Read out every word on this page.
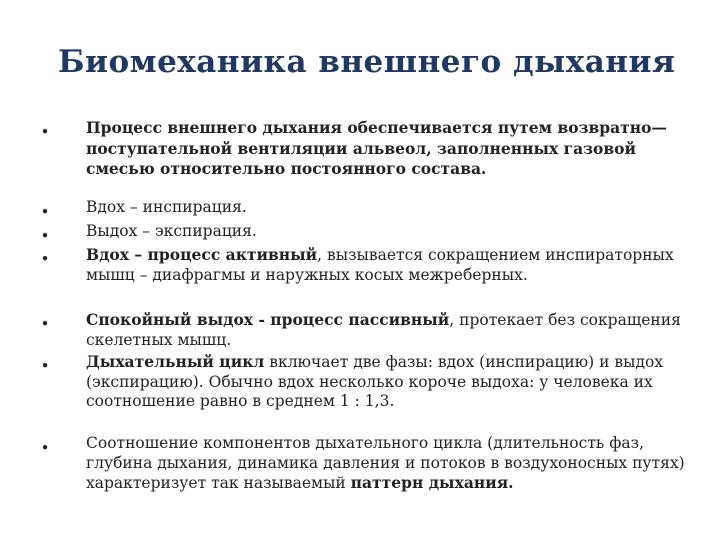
Биомеханика внешнего дыхания
• Процесс внешнего дыхания обеспечивается путем возвратно—поступательной вентиляции альвеол, заполненных газовой смесью относительно постоянного состава.
• Вдох – инспирация.
• Выдох – экспирация.
• Вдох – процесс активный, вызывается сокращением инспираторных мышц – диафрагмы и наружных косых межреберных.
• Спокойный выдох - процесс пассивный, протекает без сокращения скелетных мышц.
• Дыхательный цикл включает две фазы: вдох (инспирацию) и выдох (экспирацию). Обычно вдох несколько короче выдоха: у человека их соотношение равно в среднем 1 : 1,3.
• Соотношение компонентов дыхательного цикла (длительность фаз, глубина дыхания, динамика давления и потоков в воздухоносных путях) характеризует так называемый паттерн дыхания.
